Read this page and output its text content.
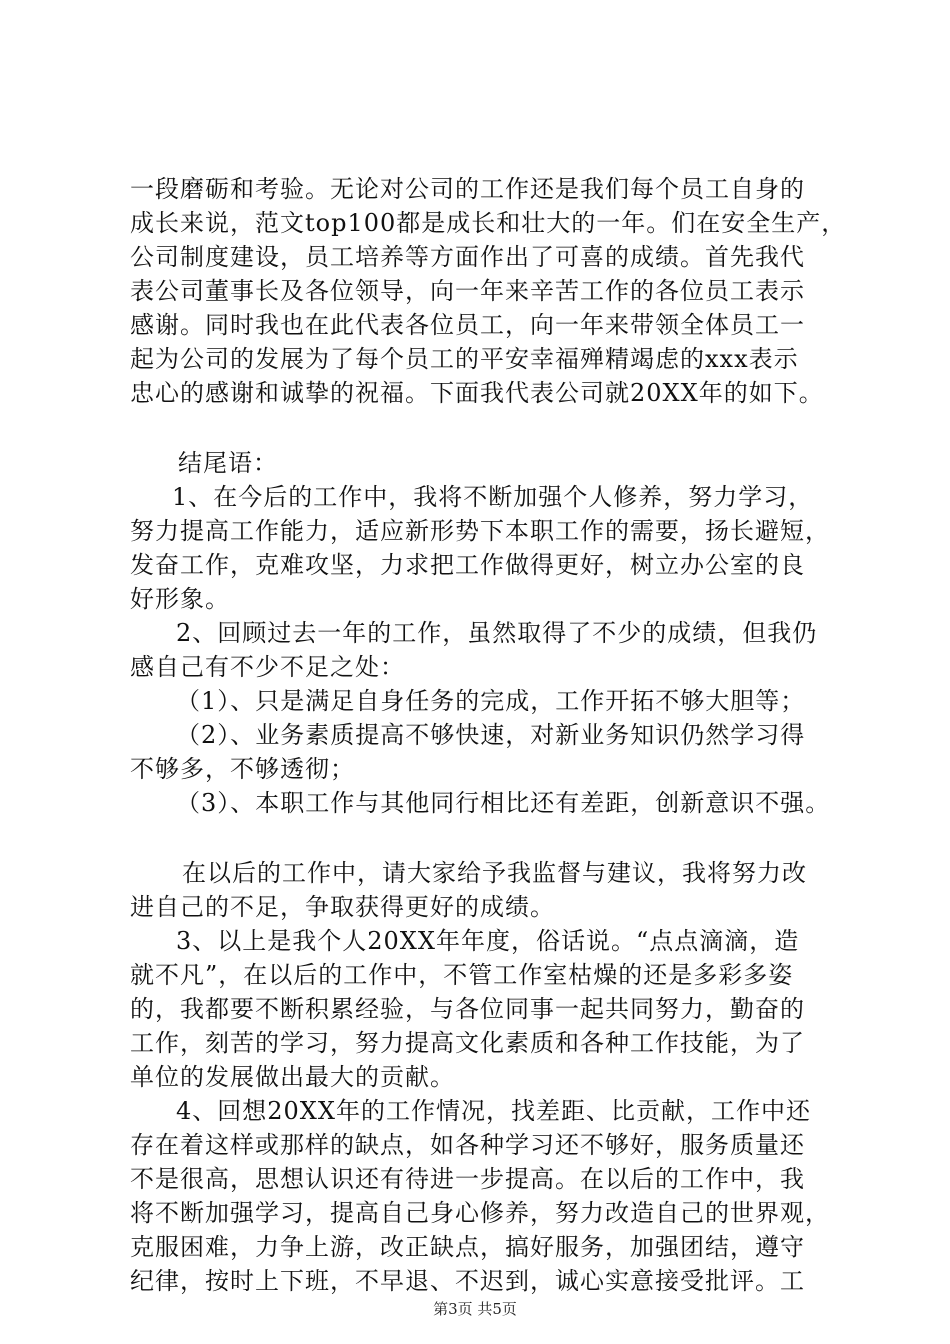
一段磨砺和考验。无论对公司的工作还是我们每个员工自身的
成长来说，范文top100都是成长和壮大的一年。们在安全生产，
公司制度建设，员工培养等方面作出了可喜的成绩。首先我代
表公司董事长及各位领导，向一年来辛苦工作的各位员工表示
感谢。同时我也在此代表各位员工，向一年来带领全体员工一
起为公司的发展为了每个员工的平安幸福殚精竭虑的xxx表示
忠心的感谢和诚挚的祝福。下面我代表公司就20XX年的如下。
结尾语：
1、在今后的工作中，我将不断加强个人修养，努力学习，
努力提高工作能力，适应新形势下本职工作的需要，扬长避短，
发奋工作，克难攻坚，力求把工作做得更好，树立办公室的良
好形象。
2、回顾过去一年的工作，虽然取得了不少的成绩，但我仍
感自己有不少不足之处：
（1）、只是满足自身任务的完成，工作开拓不够大胆等；
（2）、业务素质提高不够快速，对新业务知识仍然学习得
不够多，不够透彻；
（3）、本职工作与其他同行相比还有差距，创新意识不强。
在以后的工作中，请大家给予我监督与建议，我将努力改
进自己的不足，争取获得更好的成绩。
3、以上是我个人20XX年年度，俗话说。“点点滴滴，造
就不凡”，在以后的工作中，不管工作室枯燥的还是多彩多姿
的，我都要不断积累经验，与各位同事一起共同努力，勤奋的
工作，刻苦的学习，努力提高文化素质和各种工作技能，为了
单位的发展做出最大的贡献。
4、回想20XX年的工作情况，找差距、比贡献，工作中还
存在着这样或那样的缺点，如各种学习还不够好，服务质量还
不是很高，思想认识还有待进一步提高。在以后的工作中，我
将不断加强学习，提高自己身心修养，努力改造自己的世界观，
克服困难，力争上游，改正缺点，搞好服务，加强团结，遵守
纪律，按时上下班，不早退、不迟到，诚心实意接受批评。工
第3页 共5页
